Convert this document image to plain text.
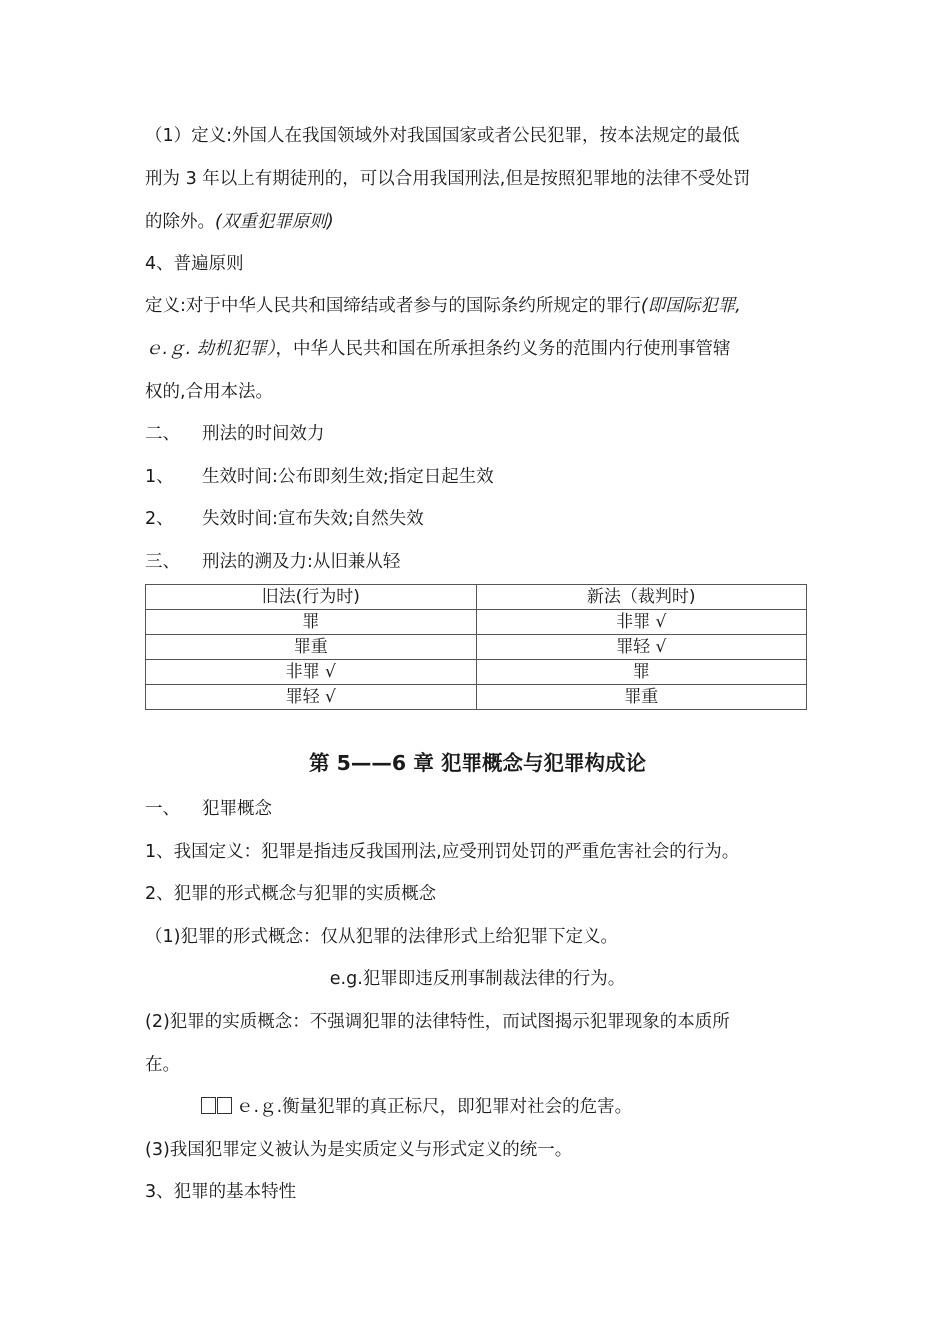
（1）定义:外国人在我国领域外对我国国家或者公民犯罪，按本法规定的最低
刑为 3 年以上有期徒刑的，可以合用我国刑法,但是按照犯罪地的法律不受处罚
的除外。(双重犯罪原则)
4、普遍原则
定义:对于中华人民共和国缔结或者参与的国际条约所规定的罪行(即国际犯罪,
ｅ.ｇ. 劫机犯罪），中华人民共和国在所承担条约义务的范围内行使刑事管辖
权的,合用本法。
二、 刑法的时间效力
1、 生效时间:公布即刻生效;指定日起生效
2、 失效时间:宣布失效;自然失效
三、 刑法的溯及力:从旧兼从轻
旧法(行为时)	新法（裁判时)
罪	非罪 √
罪重	罪轻 √
非罪 √	罪
罪轻 √	罪重
第 5——6 章 犯罪概念与犯罪构成论
一、 犯罪概念
1、我国定义：犯罪是指违反我国刑法,应受刑罚处罚的严重危害社会的行为。
2、犯罪的形式概念与犯罪的实质概念
（1)犯罪的形式概念：仅从犯罪的法律形式上给犯罪下定义。
e.g.犯罪即违反刑事制裁法律的行为。
(2)犯罪的实质概念：不强调犯罪的法律特性，而试图揭示犯罪现象的本质所
在。
ｅ.ｇ.衡量犯罪的真正标尺，即犯罪对社会的危害。
(3)我国犯罪定义被认为是实质定义与形式定义的统一。
3、犯罪的基本特性
